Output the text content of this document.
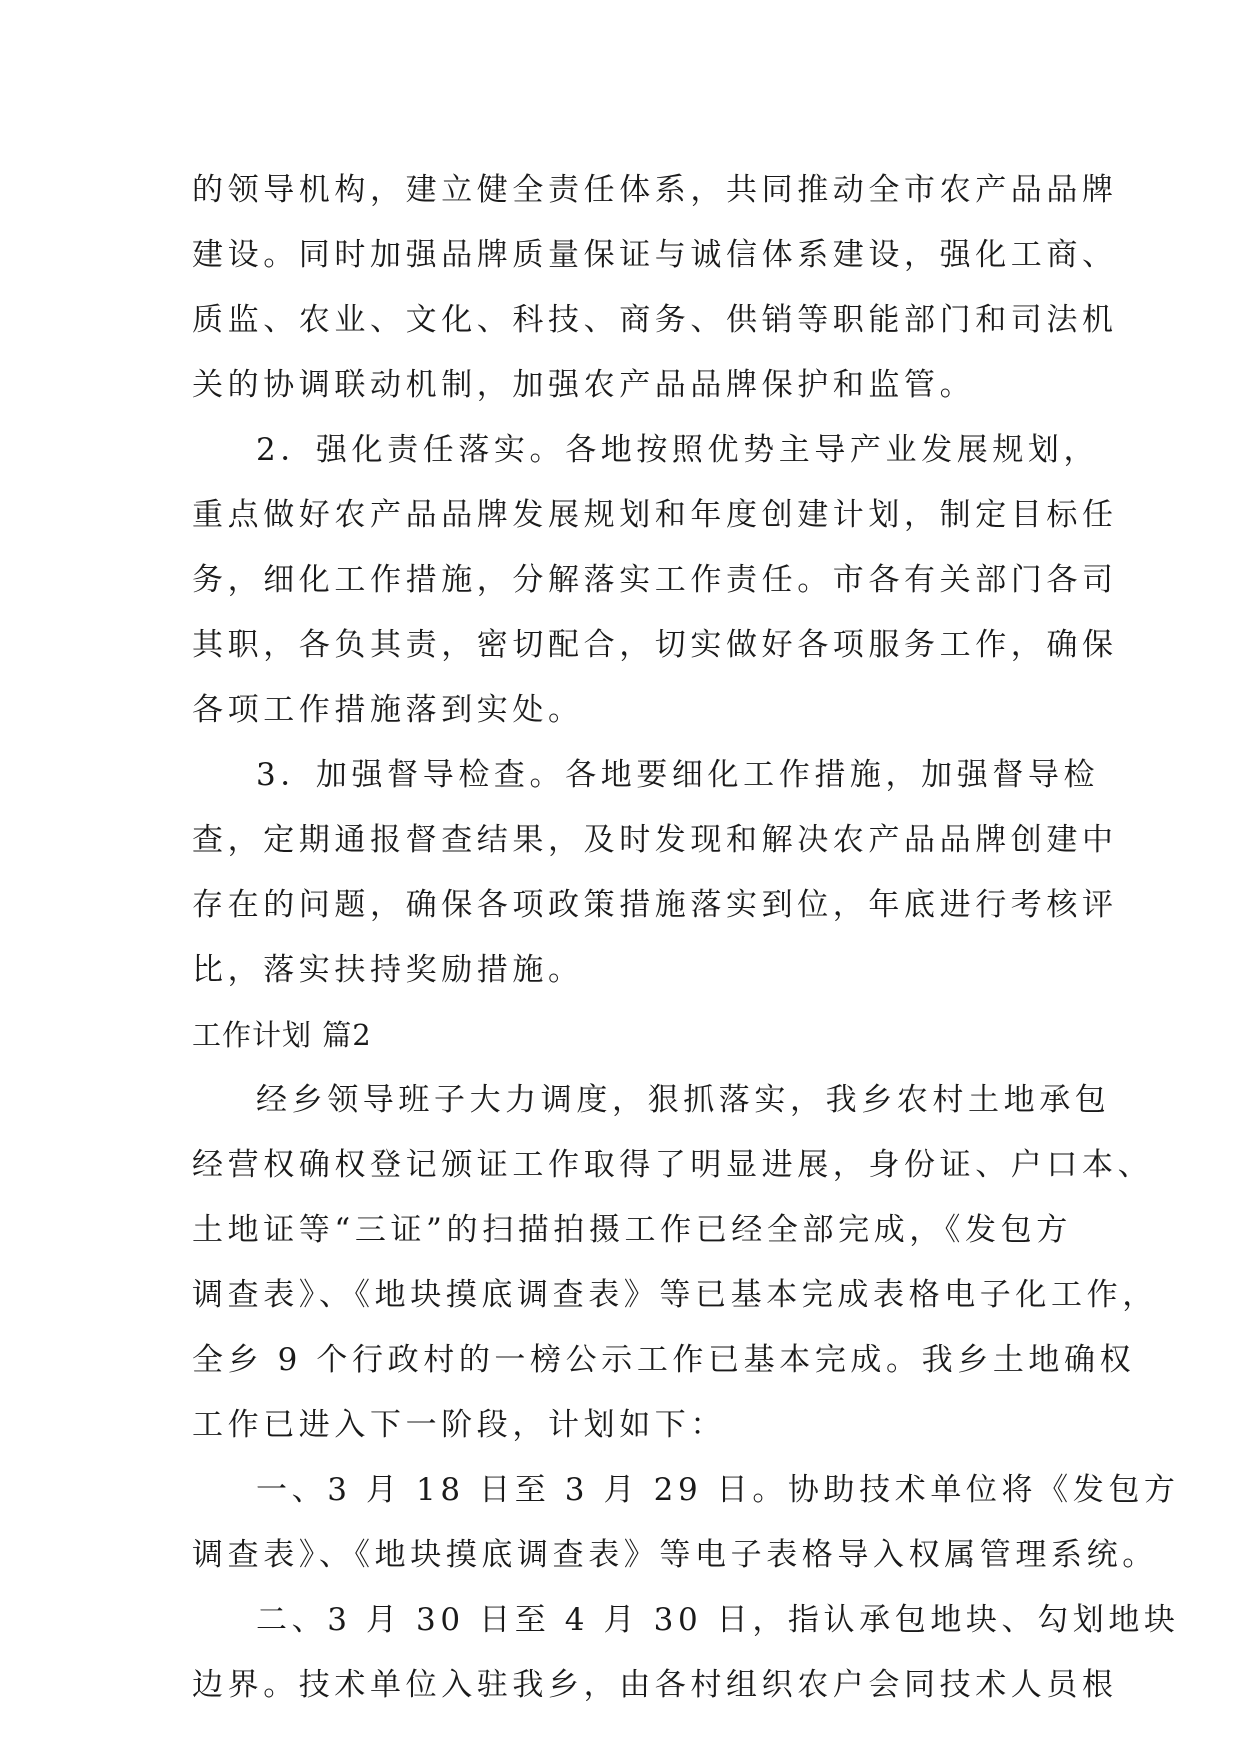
的领导机构，建立健全责任体系，共同推动全市农产品品牌
建设。同时加强品牌质量保证与诚信体系建设，强化工商、
质监、农业、文化、科技、商务、供销等职能部门和司法机
关的协调联动机制，加强农产品品牌保护和监管。
2．强化责任落实。各地按照优势主导产业发展规划，
重点做好农产品品牌发展规划和年度创建计划，制定目标任
务，细化工作措施，分解落实工作责任。市各有关部门各司
其职，各负其责，密切配合，切实做好各项服务工作，确保
各项工作措施落到实处。
3．加强督导检查。各地要细化工作措施，加强督导检
查，定期通报督查结果，及时发现和解决农产品品牌创建中
存在的问题，确保各项政策措施落实到位，年底进行考核评
比，落实扶持奖励措施。
工作计划 篇2
经乡领导班子大力调度，狠抓落实，我乡农村土地承包
经营权确权登记颁证工作取得了明显进展，身份证、户口本、
土地证等“三证”的扫描拍摄工作已经全部完成，《发包方
调查表》、《地块摸底调查表》等已基本完成表格电子化工作，
全乡 9 个行政村的一榜公示工作已基本完成。我乡土地确权
工作已进入下一阶段，计划如下：
一、3 月 18 日至 3 月 29 日。协助技术单位将《发包方
调查表》、《地块摸底调查表》等电子表格导入权属管理系统。
二、3 月 30 日至 4 月 30 日，指认承包地块、勾划地块
边界。技术单位入驻我乡，由各村组织农户会同技术人员根
